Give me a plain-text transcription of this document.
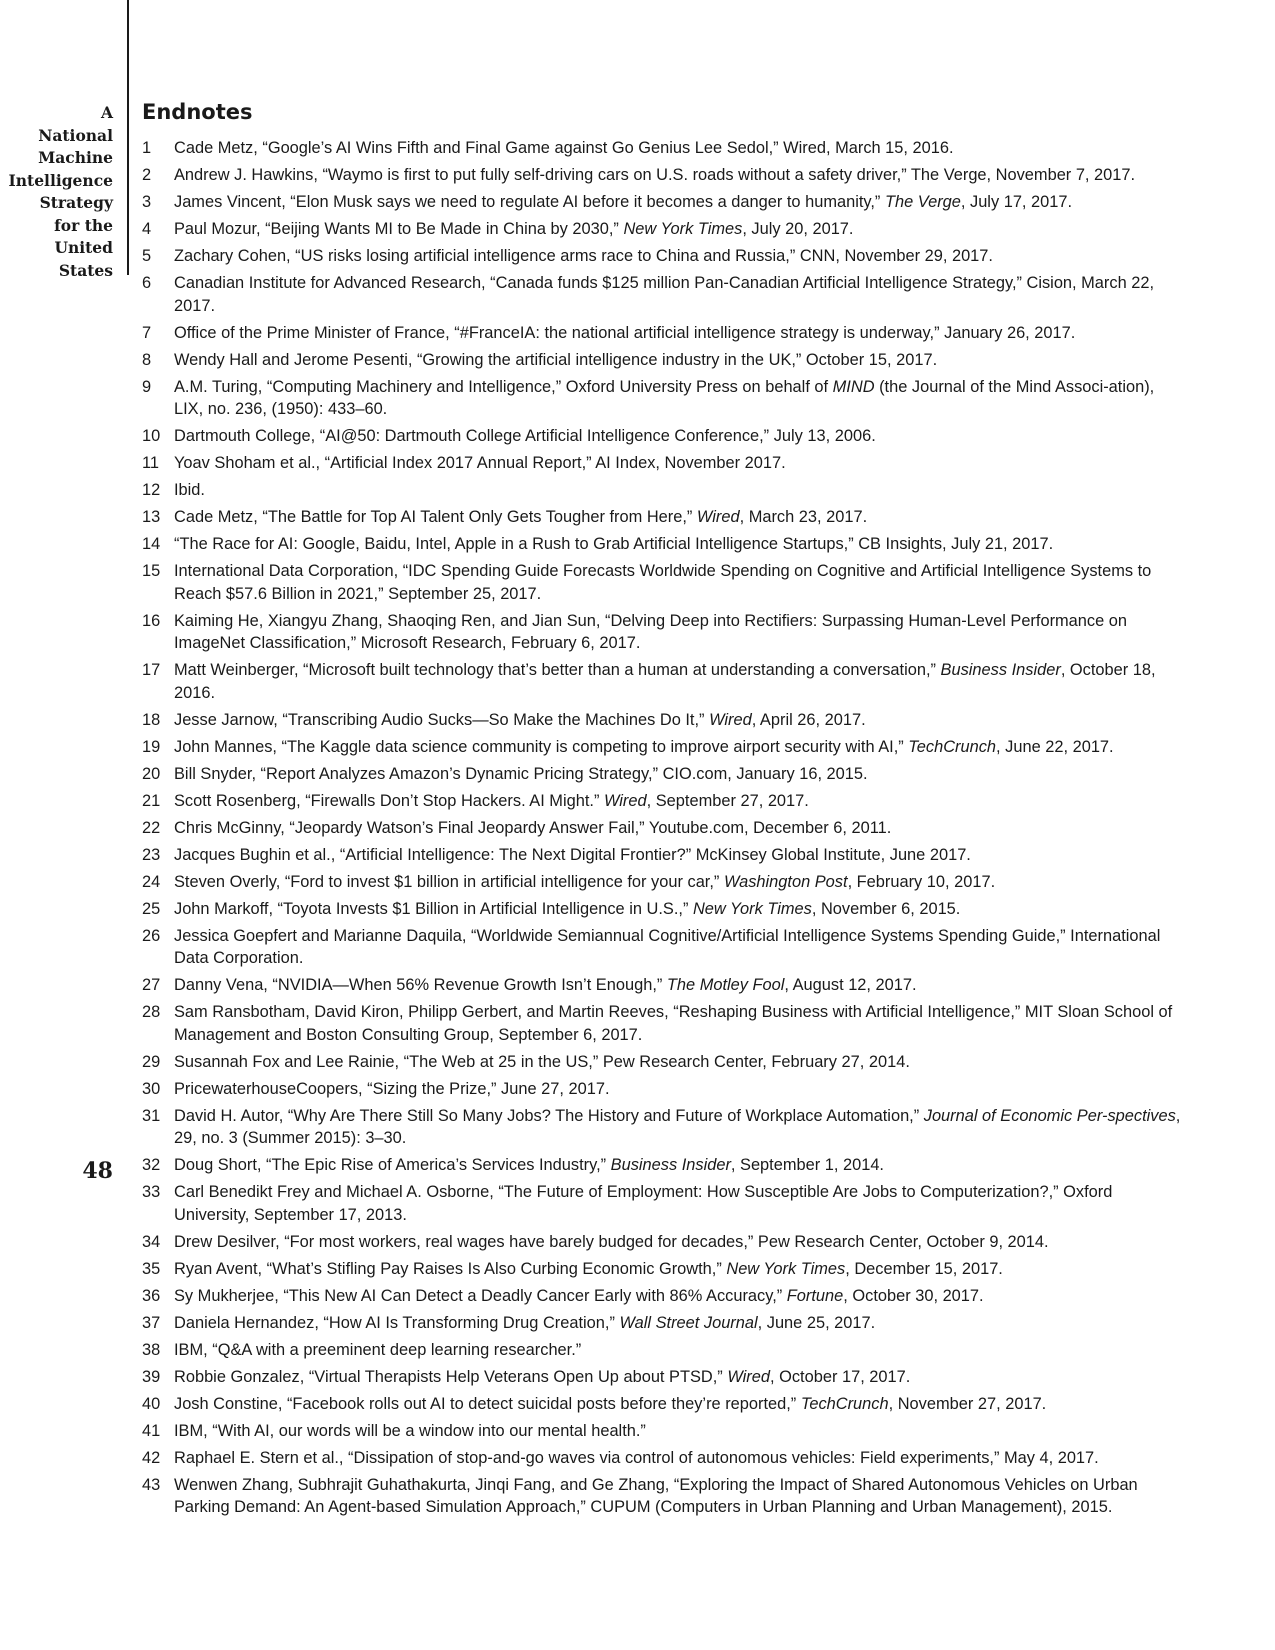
A
National
Machine
Intelligence
Strategy
for the
United
States
48
Endnotes
1	Cade Metz, “Google’s AI Wins Fifth and Final Game against Go Genius Lee Sedol,” Wired, March 15, 2016.
2	Andrew J. Hawkins, “Waymo is first to put fully self-driving cars on U.S. roads without a safety driver,” The Verge, November 7, 2017.
3	James Vincent, “Elon Musk says we need to regulate AI before it becomes a danger to humanity,” The Verge, July 17, 2017.
4	Paul Mozur, “Beijing Wants MI to Be Made in China by 2030,” New York Times, July 20, 2017.
5	Zachary Cohen, “US risks losing artificial intelligence arms race to China and Russia,” CNN, November 29, 2017.
6	Canadian Institute for Advanced Research, “Canada funds $125 million Pan-Canadian Artificial Intelligence Strategy,” Cision, March 22, 2017.
7	Office of the Prime Minister of France, “#FranceIA: the national artificial intelligence strategy is underway,” January 26, 2017.
8	Wendy Hall and Jerome Pesenti, “Growing the artificial intelligence industry in the UK,” October 15, 2017.
9	A.M. Turing, “Computing Machinery and Intelligence,” Oxford University Press on behalf of MIND (the Journal of the Mind Associ-ation), LIX, no. 236, (1950): 433–60.
10 Dartmouth College, “AI@50: Dartmouth College Artificial Intelligence Conference,” July 13, 2006.
11 Yoav Shoham et al., “Artificial Index 2017 Annual Report,” AI Index, November 2017.
12 Ibid.
13 Cade Metz, “The Battle for Top AI Talent Only Gets Tougher from Here,” Wired, March 23, 2017.
14 “The Race for AI: Google, Baidu, Intel, Apple in a Rush to Grab Artificial Intelligence Startups,” CB Insights, July 21, 2017.
15 International Data Corporation, “IDC Spending Guide Forecasts Worldwide Spending on Cognitive and Artificial Intelligence Systems to Reach $57.6 Billion in 2021,” September 25, 2017.
16 Kaiming He, Xiangyu Zhang, Shaoqing Ren, and Jian Sun, “Delving Deep into Rectifiers: Surpassing Human-Level Performance on ImageNet Classification,” Microsoft Research, February 6, 2017.
17 Matt Weinberger, “Microsoft built technology that’s better than a human at understanding a conversation,” Business Insider, October 18, 2016.
18 Jesse Jarnow, “Transcribing Audio Sucks—So Make the Machines Do It,” Wired, April 26, 2017.
19 John Mannes, “The Kaggle data science community is competing to improve airport security with AI,” TechCrunch, June 22, 2017.
20 Bill Snyder, “Report Analyzes Amazon’s Dynamic Pricing Strategy,” CIO.com, January 16, 2015.
21 Scott Rosenberg, “Firewalls Don’t Stop Hackers. AI Might.” Wired, September 27, 2017.
22 Chris McGinny, “Jeopardy Watson’s Final Jeopardy Answer Fail,” Youtube.com, December 6, 2011.
23 Jacques Bughin et al., “Artificial Intelligence: The Next Digital Frontier?” McKinsey Global Institute, June 2017.
24 Steven Overly, “Ford to invest $1 billion in artificial intelligence for your car,” Washington Post, February 10, 2017.
25 John Markoff, “Toyota Invests $1 Billion in Artificial Intelligence in U.S.,” New York Times, November 6, 2015.
26 Jessica Goepfert and Marianne Daquila, “Worldwide Semiannual Cognitive/Artificial Intelligence Systems Spending Guide,” International Data Corporation.
27 Danny Vena, “NVIDIA—When 56% Revenue Growth Isn’t Enough,” The Motley Fool, August 12, 2017.
28 Sam Ransbotham, David Kiron, Philipp Gerbert, and Martin Reeves, “Reshaping Business with Artificial Intelligence,” MIT Sloan School of Management and Boston Consulting Group, September 6, 2017.
29 Susannah Fox and Lee Rainie, “The Web at 25 in the US,” Pew Research Center, February 27, 2014.
30 PricewaterhouseCoopers, “Sizing the Prize,” June 27, 2017.
31 David H. Autor, “Why Are There Still So Many Jobs? The History and Future of Workplace Automation,” Journal of Economic Per-spectives, 29, no. 3 (Summer 2015): 3–30.
32 Doug Short, “The Epic Rise of America’s Services Industry,” Business Insider, September 1, 2014.
33 Carl Benedikt Frey and Michael A. Osborne, “The Future of Employment: How Susceptible Are Jobs to Computerization?,” Oxford University, September 17, 2013.
34 Drew Desilver, “For most workers, real wages have barely budged for decades,” Pew Research Center, October 9, 2014.
35 Ryan Avent, “What’s Stifling Pay Raises Is Also Curbing Economic Growth,” New York Times, December 15, 2017.
36 Sy Mukherjee, “This New AI Can Detect a Deadly Cancer Early with 86% Accuracy,” Fortune, October 30, 2017.
37 Daniela Hernandez, “How AI Is Transforming Drug Creation,” Wall Street Journal, June 25, 2017.
38 IBM, “Q&A with a preeminent deep learning researcher.”
39 Robbie Gonzalez, “Virtual Therapists Help Veterans Open Up about PTSD,” Wired, October 17, 2017.
40 Josh Constine, “Facebook rolls out AI to detect suicidal posts before they’re reported,” TechCrunch, November 27, 2017.
41 IBM, “With AI, our words will be a window into our mental health.”
42 Raphael E. Stern et al., “Dissipation of stop-and-go waves via control of autonomous vehicles: Field experiments,” May 4, 2017.
43 Wenwen Zhang, Subhrajit Guhathakurta, Jinqi Fang, and Ge Zhang, “Exploring the Impact of Shared Autonomous Vehicles on Urban Parking Demand: An Agent-based Simulation Approach,” CUPUM (Computers in Urban Planning and Urban Management), 2015.
